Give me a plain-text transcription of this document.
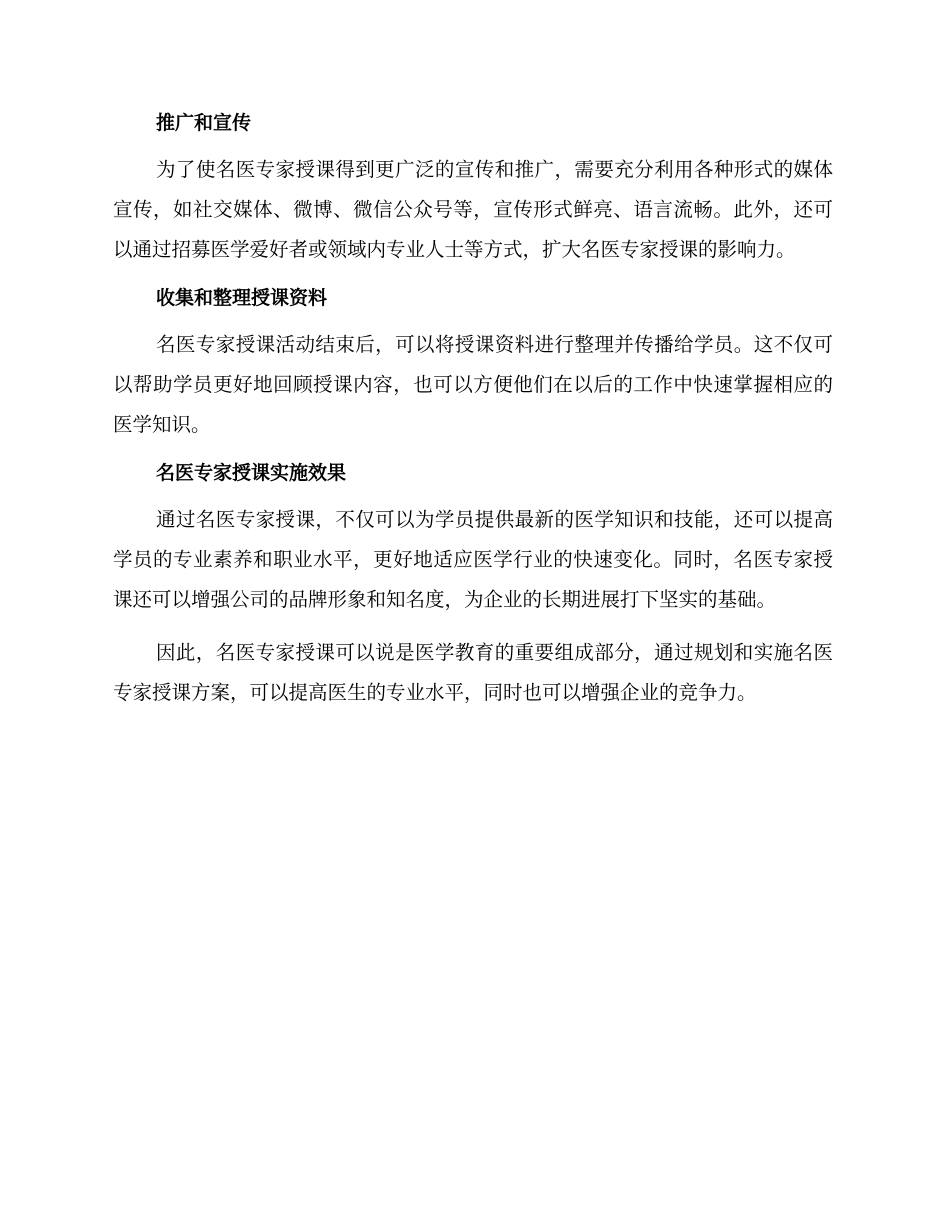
推广和宣传

为了使名医专家授课得到更广泛的宣传和推广，需要充分利用各种形式的媒体宣传，如社交媒体、微博、微信公众号等，宣传形式鲜亮、语言流畅。此外，还可以通过招募医学爱好者或领域内专业人士等方式，扩大名医专家授课的影响力。

收集和整理授课资料

名医专家授课活动结束后，可以将授课资料进行整理并传播给学员。这不仅可以帮助学员更好地回顾授课内容，也可以方便他们在以后的工作中快速掌握相应的医学知识。

名医专家授课实施效果

通过名医专家授课，不仅可以为学员提供最新的医学知识和技能，还可以提高学员的专业素养和职业水平，更好地适应医学行业的快速变化。同时，名医专家授课还可以增强公司的品牌形象和知名度，为企业的长期进展打下坚实的基础。

因此，名医专家授课可以说是医学教育的重要组成部分，通过规划和实施名医专家授课方案，可以提高医生的专业水平，同时也可以增强企业的竞争力。
